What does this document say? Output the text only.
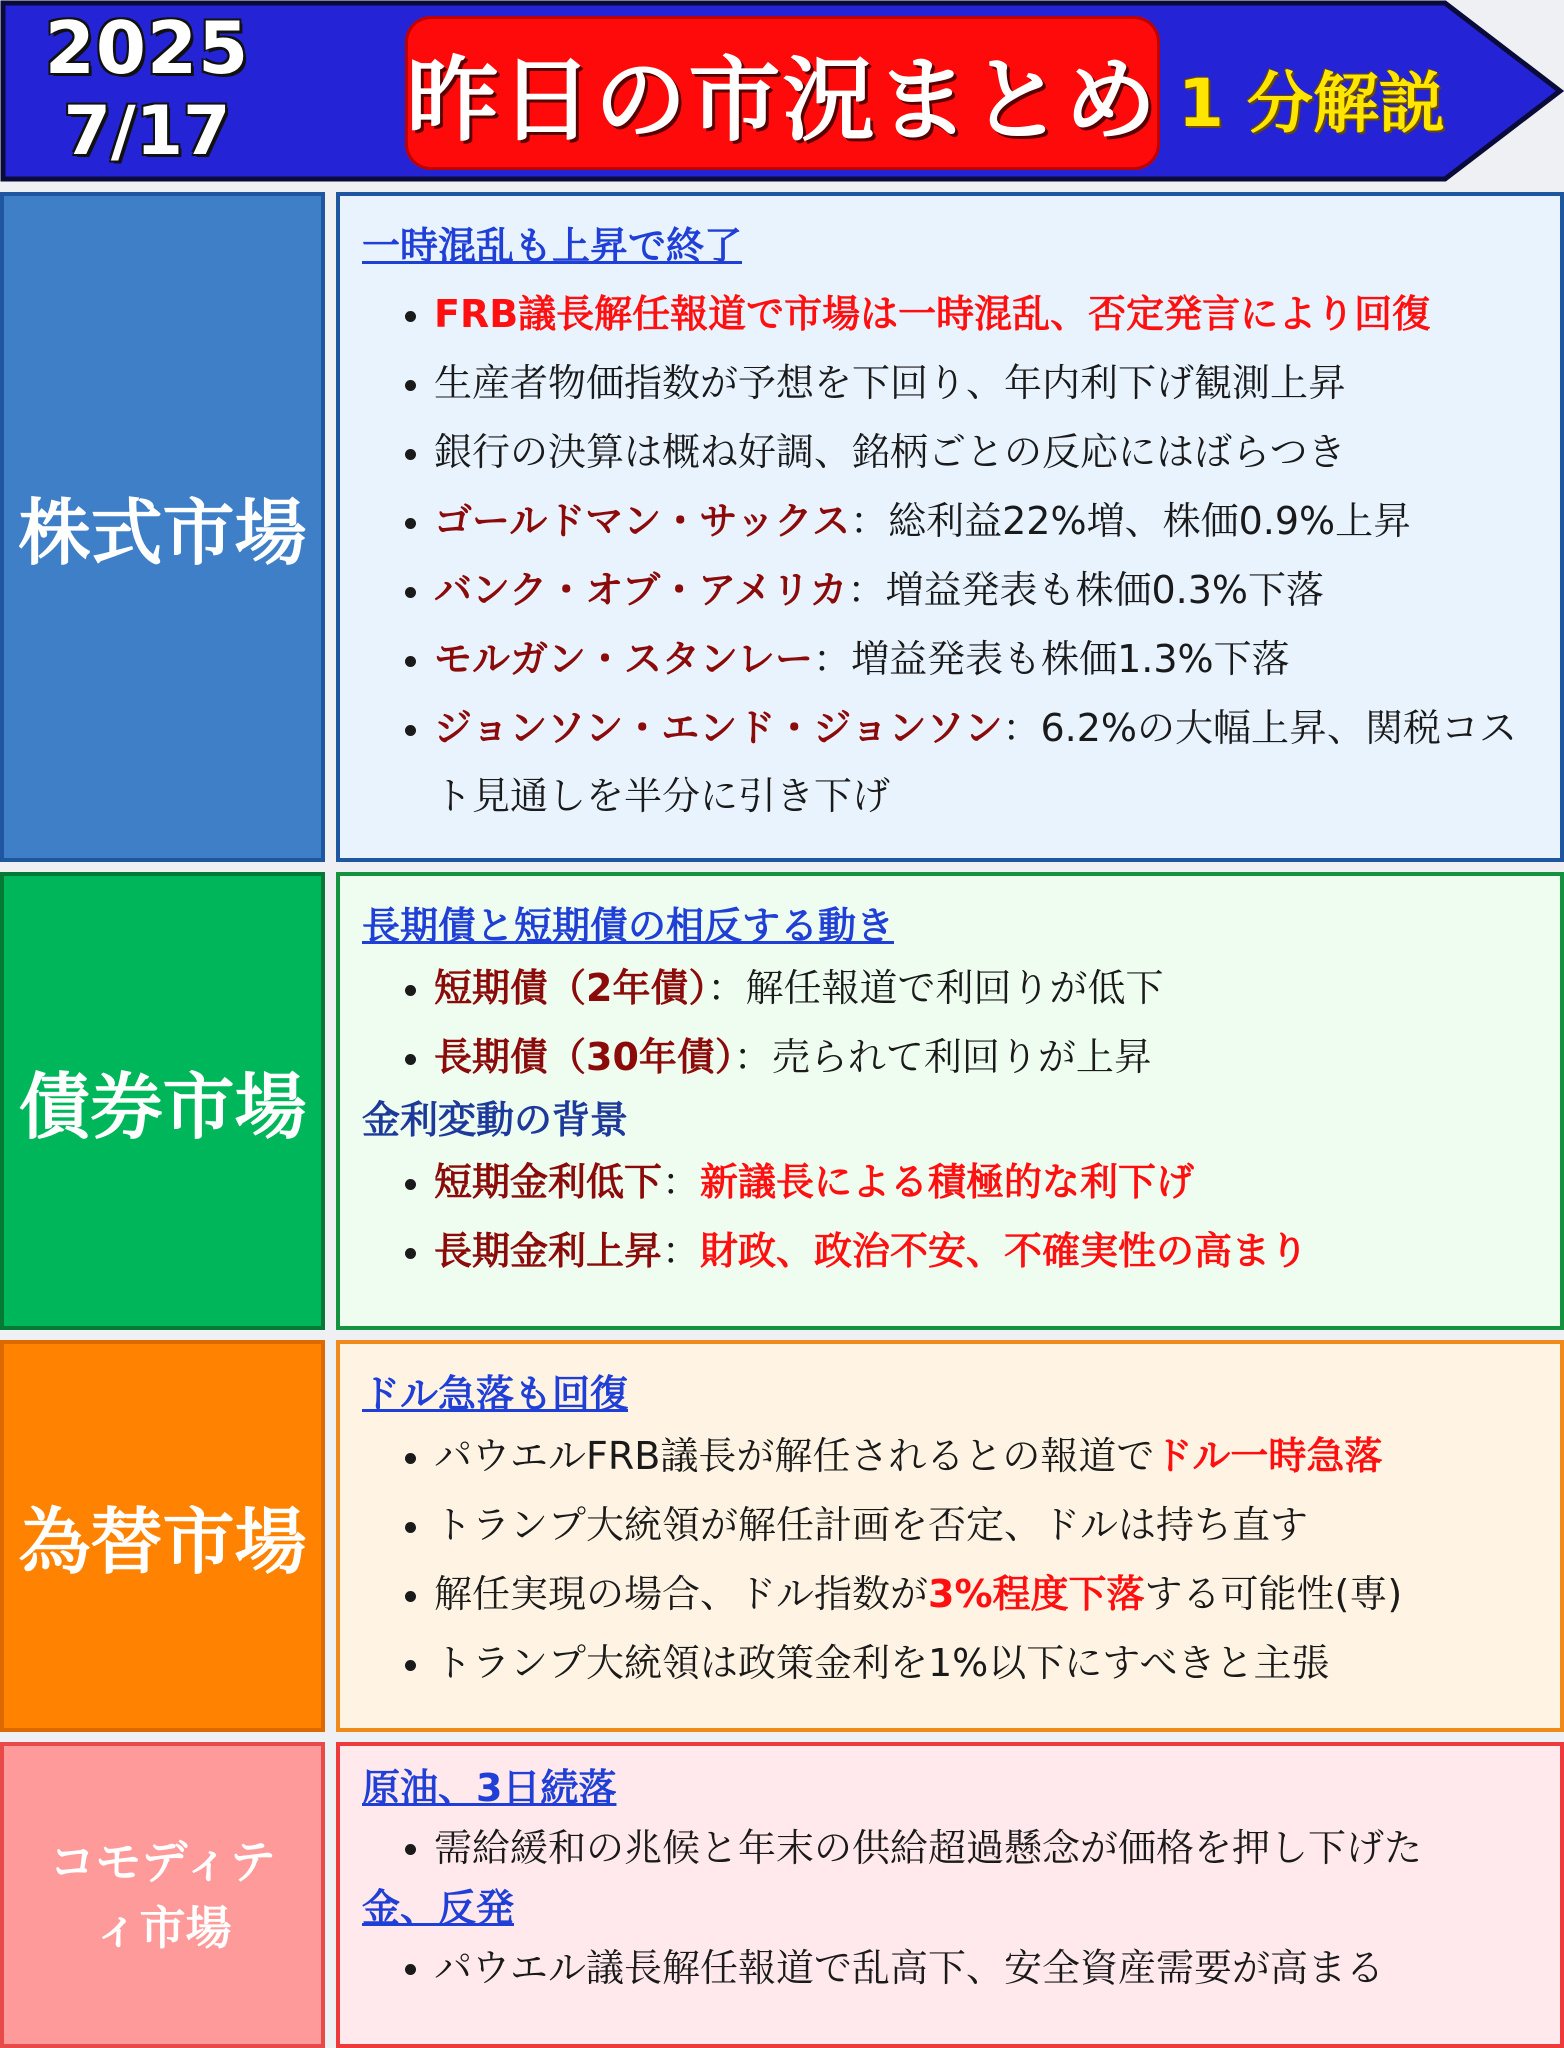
2025
7/17	昨日の市況まとめ 1 分解説
株式市場
一時混乱も上昇で終了
FRB議長解任報道で市場は一時混乱、否定発言により回復
生産者物価指数が予想を下回り、年内利下げ観測上昇
銀行の決算は概ね好調、銘柄ごとの反応にはばらつき
ゴールドマン・サックス：総利益22%増、株価0.9%上昇
バンク・オブ・アメリカ：増益発表も株価0.3%下落
モルガン・スタンレー：増益発表も株価1.3%下落
ジョンソン・エンド・ジョンソン：6.2%の大幅上昇、関税コスト見通しを半分に引き下げ
債券市場
長期債と短期債の相反する動き
短期債（2年債）：解任報道で利回りが低下
長期債（30年債）：売られて利回りが上昇
金利変動の背景
短期金利低下：新議長による積極的な利下げ
長期金利上昇：財政、政治不安、不確実性の高まり
為替市場
ドル急落も回復
パウエルFRB議長が解任されるとの報道でドル一時急落
トランプ大統領が解任計画を否定、ドルは持ち直す
解任実現の場合、ドル指数が3%程度下落する可能性(専)
トランプ大統領は政策金利を1%以下にすべきと主張
コモディテ
ィ市場
原油、3日続落
需給緩和の兆候と年末の供給超過懸念が価格を押し下げた
金、反発
パウエル議長解任報道で乱高下、安全資産需要が高まる
